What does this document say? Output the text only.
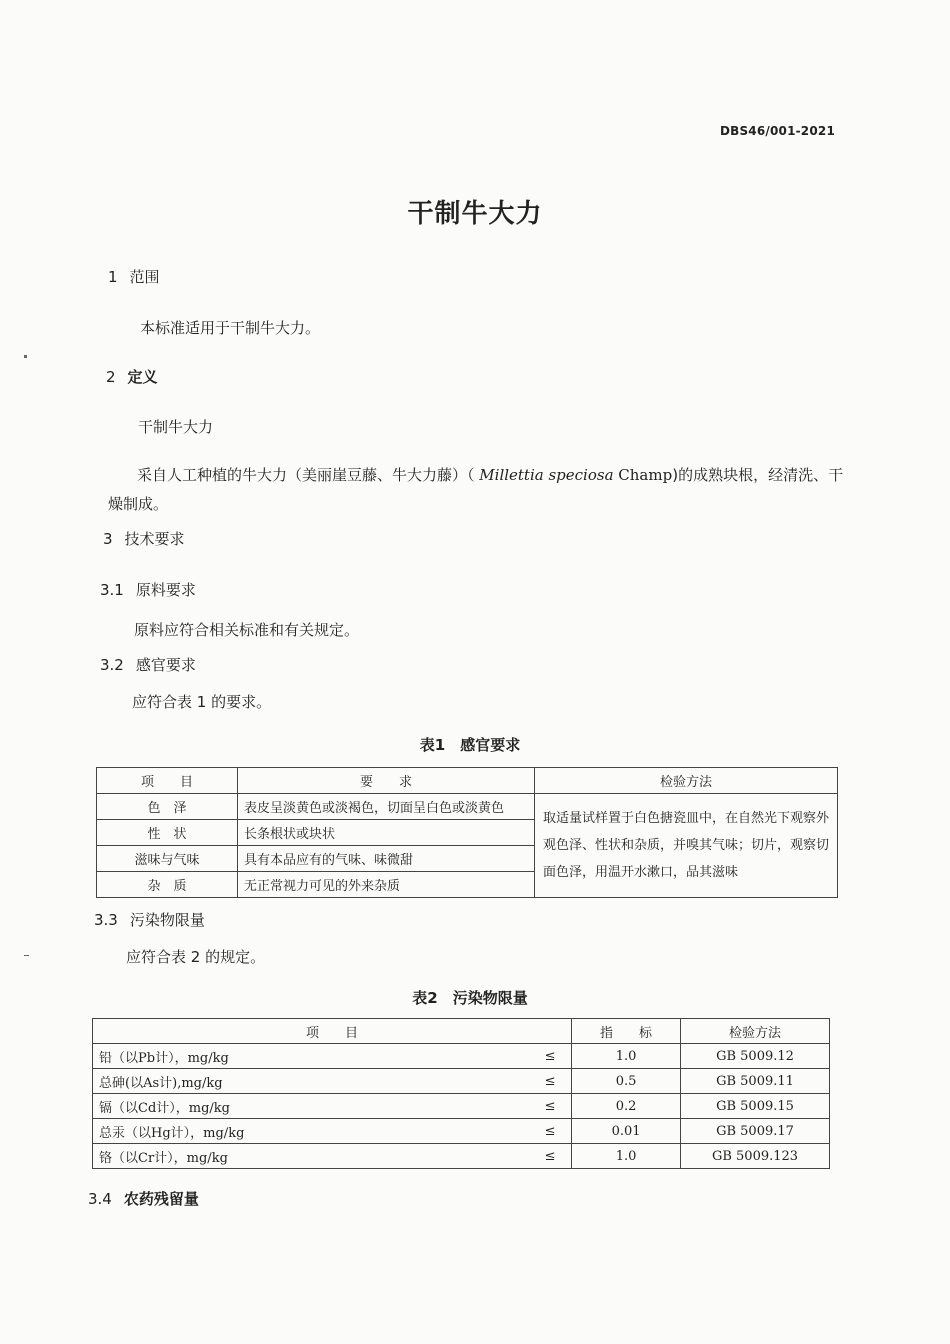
DBS46/001-2021
干制牛大力
1 范围
本标准适用于干制牛大力。
2 定义
干制牛大力
采自人工种植的牛大力（美丽崖豆藤、牛大力藤）（ Millettia speciosa Champ)的成熟块根，经清洗、干燥制成。
3 技术要求
3.1 原料要求
原料应符合相关标准和有关规定。
3.2 感官要求
应符合表 1 的要求。
表1　感官要求
项　　目	要　　求	检验方法
色　泽	表皮呈淡黄色或淡褐色，切面呈白色或淡黄色	取适量试样置于白色搪瓷皿中，在自然光下观察外观色泽、性状和杂质，并嗅其气味；切片，观察切面色泽，用温开水漱口，品其滋味
性　状	长条根状或块状	
滋味与气味	具有本品应有的气味、味微甜	
杂　质	无正常视力可见的外来杂质	
3.3 污染物限量
应符合表 2 的规定。
表2　污染物限量
项　　目		指　　标	检验方法
铅（以Pb计），mg/kg	≤	1.0	GB 5009.12
总砷(以As计),mg/kg	≤	0.5	GB 5009.11
镉（以Cd计），mg/kg	≤	0.2	GB 5009.15
总汞（以Hg计），mg/kg	≤	0.01	GB 5009.17
铬（以Cr计），mg/kg	≤	1.0	GB 5009.123
3.4 农药残留量
